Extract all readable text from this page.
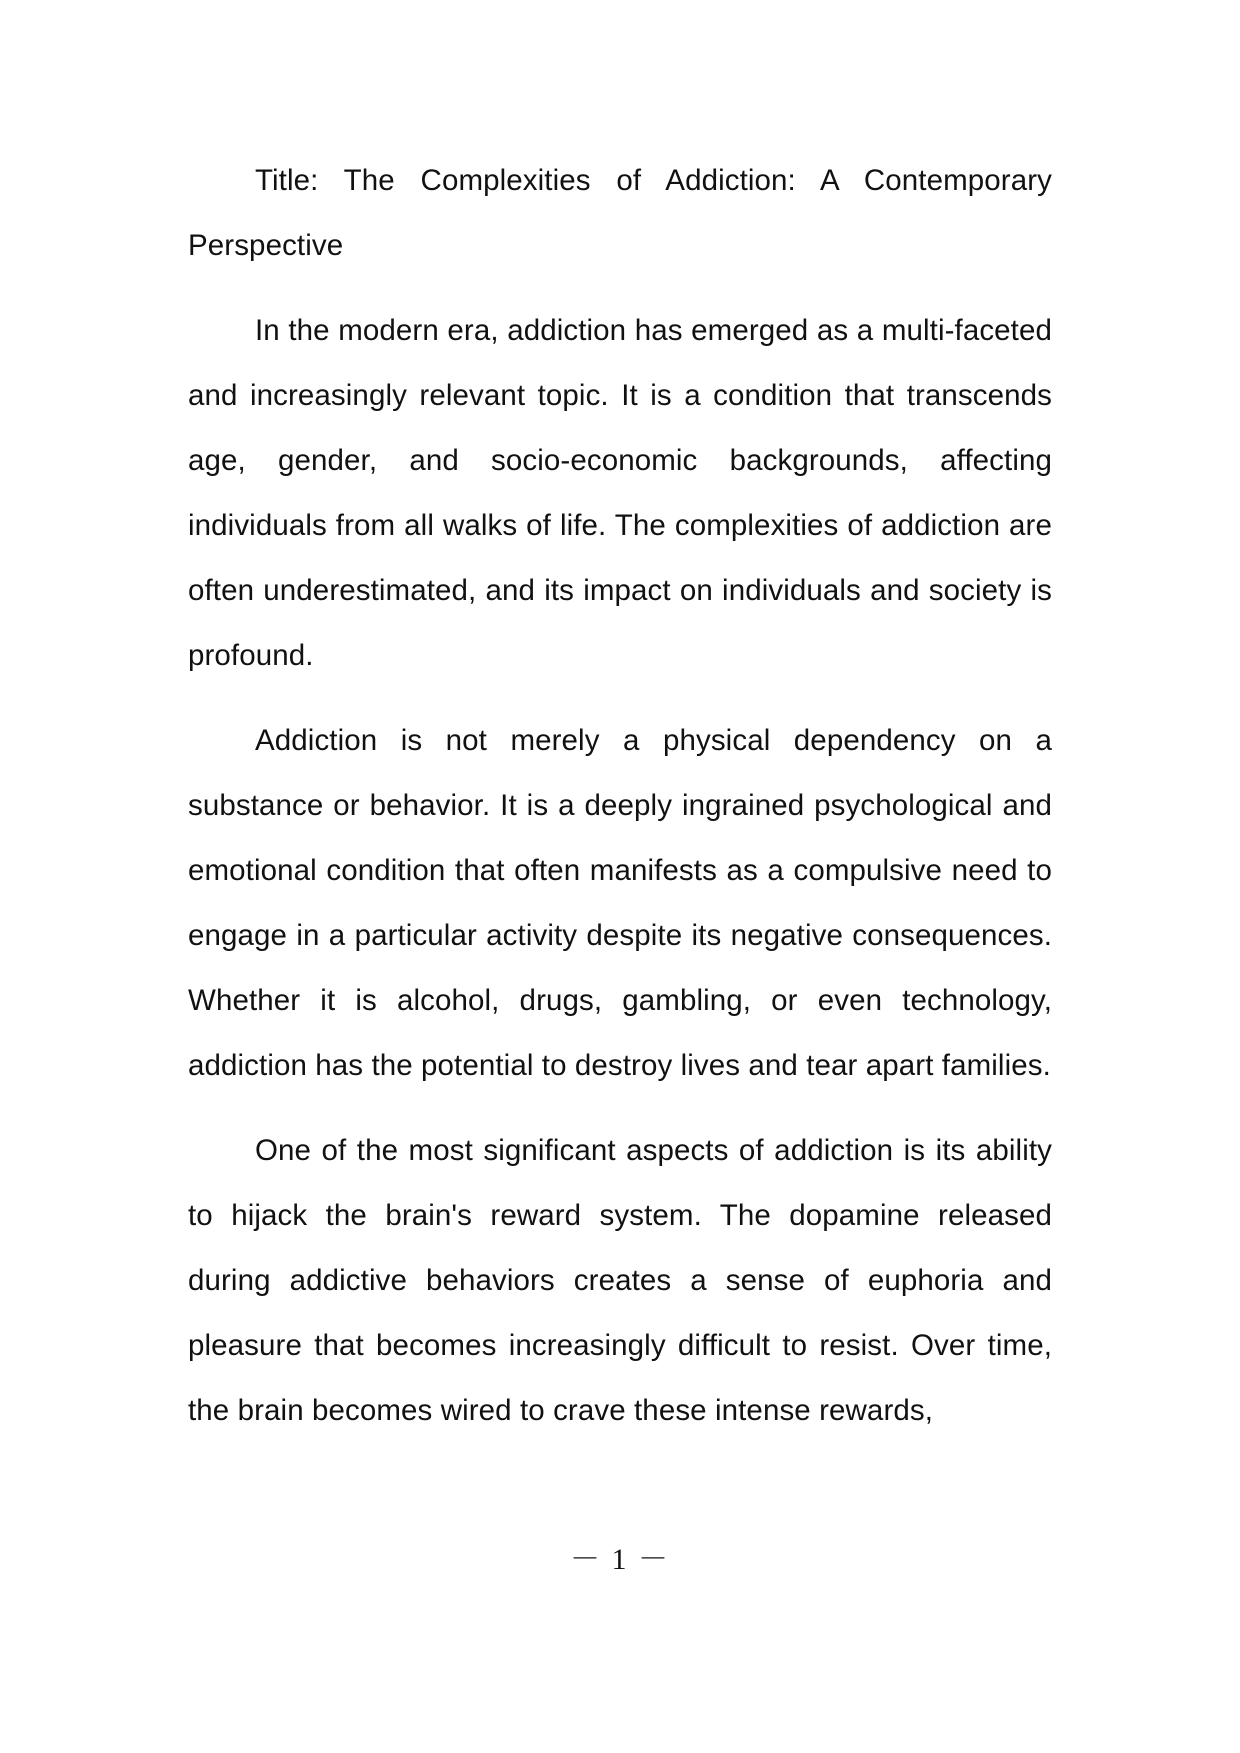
Title: The Complexities of Addiction: A Contemporary Perspective

In the modern era, addiction has emerged as a multi-faceted and increasingly relevant topic. It is a condition that transcends age, gender, and socio-economic backgrounds, affecting individuals from all walks of life. The complexities of addiction are often underestimated, and its impact on individuals and society is profound.

Addiction is not merely a physical dependency on a substance or behavior. It is a deeply ingrained psychological and emotional condition that often manifests as a compulsive need to engage in a particular activity despite its negative consequences. Whether it is alcohol, drugs, gambling, or even technology, addiction has the potential to destroy lives and tear apart families.

One of the most significant aspects of addiction is its ability to hijack the brain's reward system. The dopamine released during addictive behaviors creates a sense of euphoria and pleasure that becomes increasingly difficult to resist. Over time, the brain becomes wired to crave these intense rewards,

－ 1 －
